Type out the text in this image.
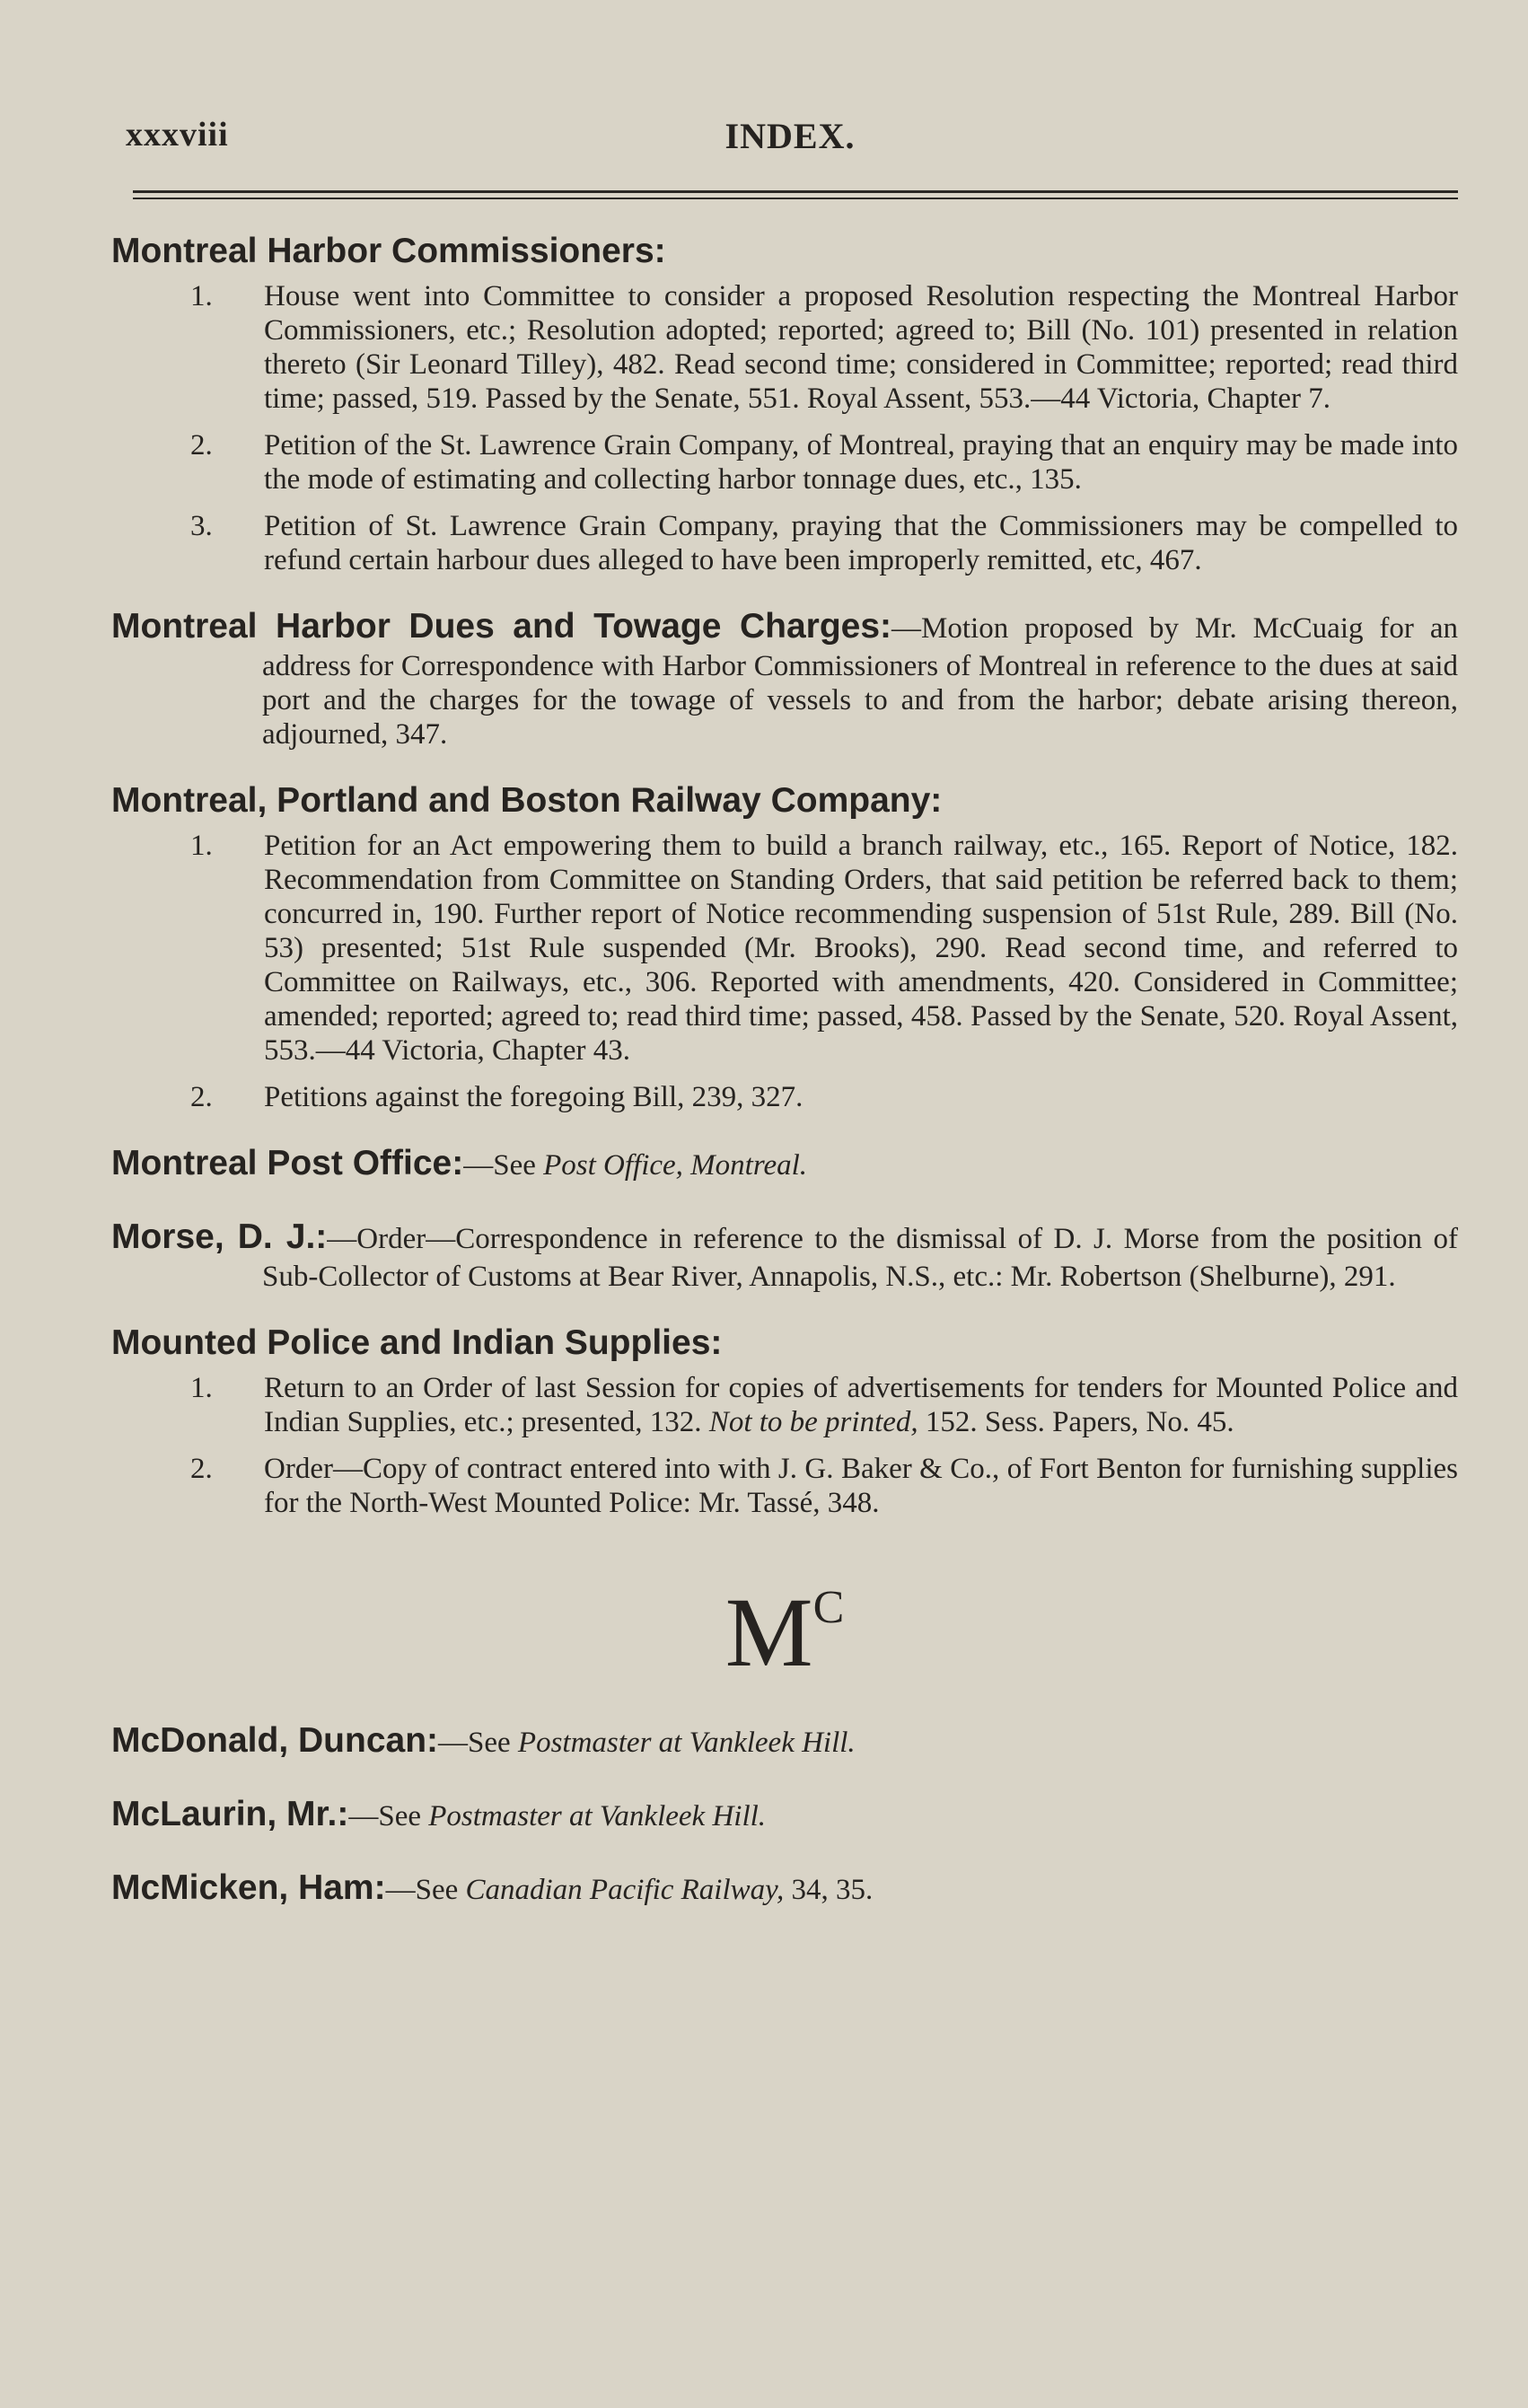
xxxviii	INDEX.
Montreal Harbor Commissioners:
1. House went into Committee to consider a proposed Resolution respecting the Montreal Harbor Commissioners, etc.; Resolution adopted; reported; agreed to; Bill (No. 101) presented in relation thereto (Sir Leonard Tilley), 482. Read second time; considered in Committee; reported; read third time; passed, 519. Passed by the Senate, 551. Royal Assent, 553.—44 Victoria, Chapter 7.
2. Petition of the St. Lawrence Grain Company, of Montreal, praying that an enquiry may be made into the mode of estimating and collecting harbor tonnage dues, etc., 135.
3. Petition of St. Lawrence Grain Company, praying that the Commissioners may be compelled to refund certain harbour dues alleged to have been improperly remitted, etc, 467.
Montreal Harbor Dues and Towage Charges:—Motion proposed by Mr. McCuaig for an address for Correspondence with Harbor Commissioners of Montreal in reference to the dues at said port and the charges for the towage of vessels to and from the harbor; debate arising thereon, adjourned, 347.
Montreal, Portland and Boston Railway Company:
1. Petition for an Act empowering them to build a branch railway, etc., 165. Report of Notice, 182. Recommendation from Committee on Standing Orders, that said petition be referred back to them; concurred in, 190. Further report of Notice recommending suspension of 51st Rule, 289. Bill (No. 53) presented; 51st Rule suspended (Mr. Brooks), 290. Read second time, and referred to Committee on Railways, etc., 306. Reported with amendments, 420. Considered in Committee; amended; reported; agreed to; read third time; passed, 458. Passed by the Senate, 520. Royal Assent, 553.—44 Victoria, Chapter 43.
2. Petitions against the foregoing Bill, 239, 327.
Montreal Post Office:—See Post Office, Montreal.
Morse, D. J.:—Order—Correspondence in reference to the dismissal of D. J. Morse from the position of Sub-Collector of Customs at Bear River, Annapolis, N.S., etc.: Mr. Robertson (Shelburne), 291.
Mounted Police and Indian Supplies:
1. Return to an Order of last Session for copies of advertisements for tenders for Mounted Police and Indian Supplies, etc.; presented, 132. Not to be printed, 152. Sess. Papers, No. 45.
2. Order—Copy of contract entered into with J. G. Baker & Co., of Fort Benton for furnishing supplies for the North-West Mounted Police: Mr. Tassé, 348.
$M^C$
McDonald, Duncan:—See Postmaster at Vankleek Hill.
McLaurin, Mr.:—See Postmaster at Vankleek Hill.
McMicken, Ham:—See Canadian Pacific Railway, 34, 35.
